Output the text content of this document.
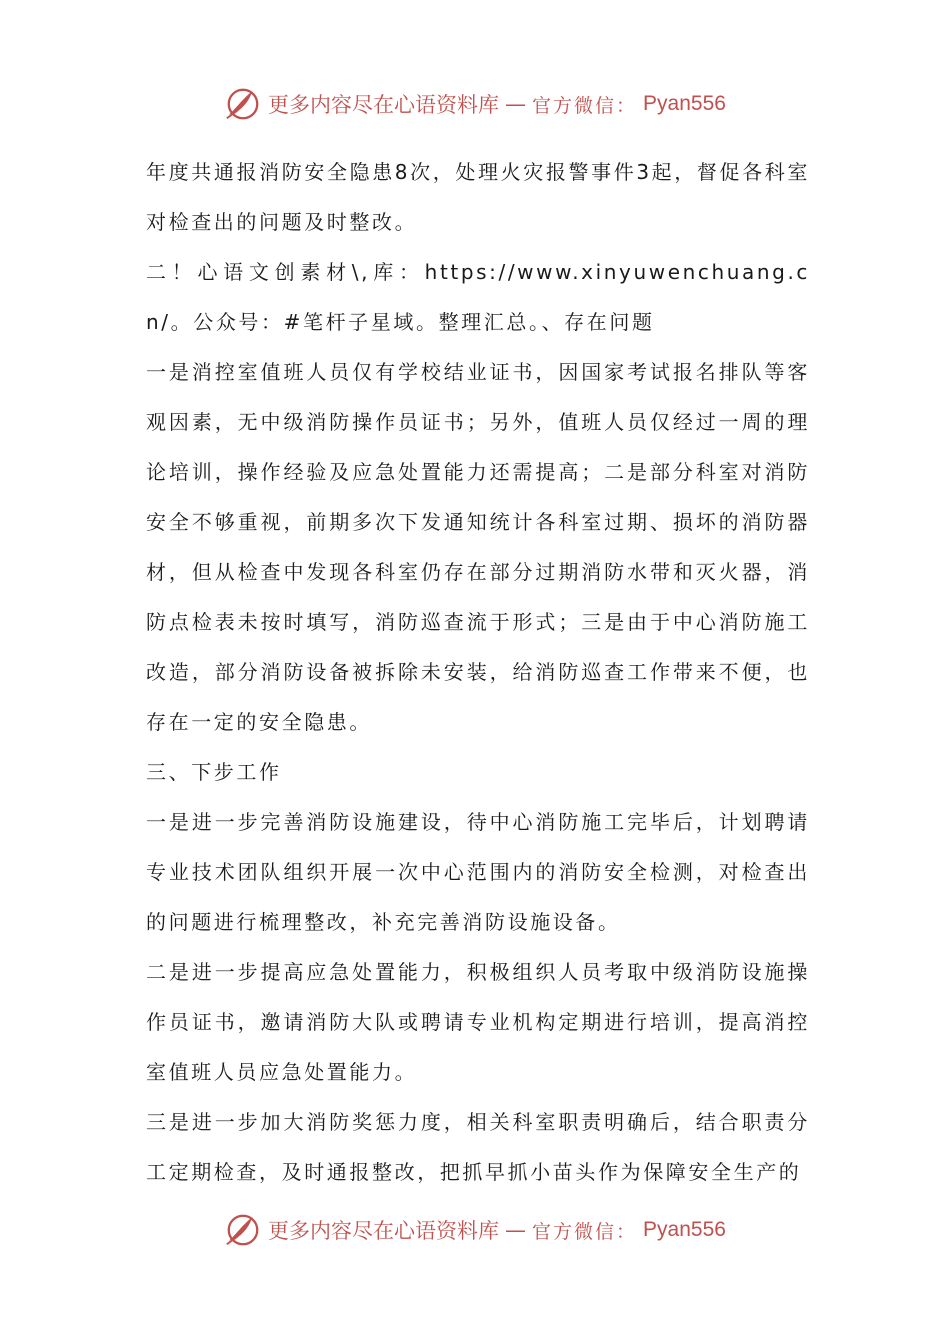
更多内容尽在心语资料库 — 官方微信： Pyan556

年度共通报消防安全隐患8次，处理火灾报警事件3起，督促各科室对检查出的问题及时整改。

二！心语文创素材\,库：https://www.xinyuwenchuang.cn/。公众号：#笔杆子星域。整理汇总。、存在问题

一是消控室值班人员仅有学校结业证书，因国家考试报名排队等客观因素，无中级消防操作员证书；另外，值班人员仅经过一周的理论培训，操作经验及应急处置能力还需提高；二是部分科室对消防安全不够重视，前期多次下发通知统计各科室过期、损坏的消防器材，但从检查中发现各科室仍存在部分过期消防水带和灭火器，消防点检表未按时填写，消防巡查流于形式；三是由于中心消防施工改造，部分消防设备被拆除未安装，给消防巡查工作带来不便，也存在一定的安全隐患。

三、下步工作

一是进一步完善消防设施建设，待中心消防施工完毕后，计划聘请专业技术团队组织开展一次中心范围内的消防安全检测，对检查出的问题进行梳理整改，补充完善消防设施设备。

二是进一步提高应急处置能力，积极组织人员考取中级消防设施操作员证书，邀请消防大队或聘请专业机构定期进行培训，提高消控室值班人员应急处置能力。

三是进一步加大消防奖惩力度，相关科室职责明确后，结合职责分工定期检查，及时通报整改，把抓早抓小苗头作为保障安全生产的

更多内容尽在心语资料库 — 官方微信： Pyan556
